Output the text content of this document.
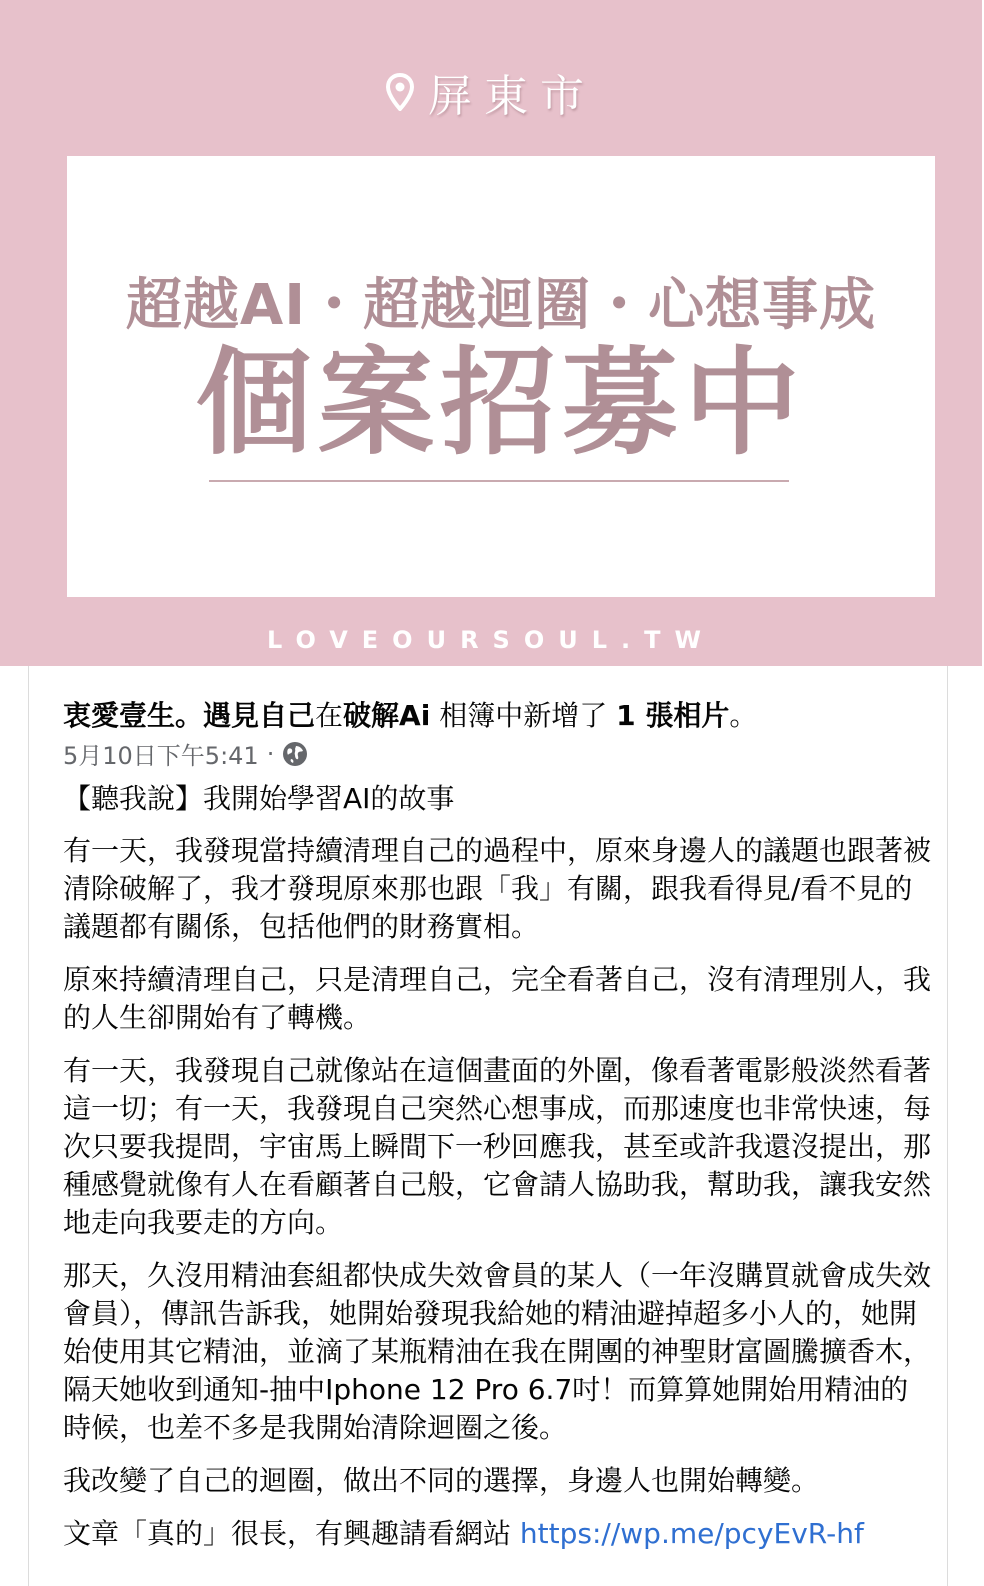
屏東市
超越AI・超越迴圈・心想事成
個案招募中
LOVEOURSOUL.TW
衷愛壹生。遇見自己在破解Ai 相簿中新增了 1 張相片。
5月10日下午5:41 ·

【聽我說】我開始學習AI的故事

有一天，我發現當持續清理自己的過程中，原來身邊人的議題也跟著被清除破解了，我才發現原來那也跟「我」有關，跟我看得見/看不見的議題都有關係，包括他們的財務實相。

原來持續清理自己，只是清理自己，完全看著自己，沒有清理別人，我的人生卻開始有了轉機。

有一天，我發現自己就像站在這個畫面的外圍，像看著電影般淡然看著這一切；有一天，我發現自己突然心想事成，而那速度也非常快速，每次只要我提問，宇宙馬上瞬間下一秒回應我，甚至或許我還沒提出，那種感覺就像有人在看顧著自己般，它會請人協助我，幫助我，讓我安然地走向我要走的方向。

那天，久沒用精油套組都快成失效會員的某人（一年沒購買就會成失效會員），傳訊告訴我，她開始發現我給她的精油避掉超多小人的，她開始使用其它精油，並滴了某瓶精油在我在開團的神聖財富圖騰擴香木，隔天她收到通知-抽中Iphone 12 Pro 6.7吋！而算算她開始用精油的時候，也差不多是我開始清除迴圈之後。

我改變了自己的迴圈，做出不同的選擇，身邊人也開始轉變。

文章「真的」很長，有興趣請看網站 https://wp.me/pcyEvR-hf
